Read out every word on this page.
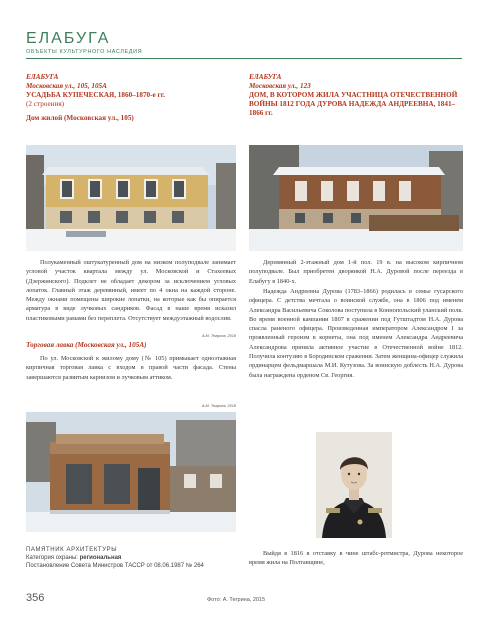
ЕЛАБУГА
ОБЪЕКТЫ КУЛЬТУРНОГО НАСЛЕДИЯ
ЕЛАБУГА
Московская ул., 105, 105А
УСАДЬБА КУПЕЧЕСКАЯ, 1860–1870-е гг.
(2 строения)
Дом жилой (Московская ул., 105)
Полукаменный оштукатуренный дом на низком полуподвале занимает угловой участок квартала между ул. Московской и Стахеевых (Дзержинского). Подклет не обладает декором за исключением угловых лопаток. Главный этаж деревянный, имеет по 4 окна на каждой стороне. Между окнами помещены широкие лопатки, на которые как бы опирается арматура в виде лучковых сандриков. Фасад в наше время исказил пластиковыми рамами без переплета. Отсутствует междуэтажный водослив.
А.М. Тегрина, 2018
Торговая лавка (Московская ул., 105А)
По ул. Московской к жилому дому (№ 105) примыкает одноэтажная кирпичная торговая лавка с входом в правой части фасада. Стены завершаются развитым карнизом и лучковым аттиком.
А.М. Тегрина, 2018
ЕЛАБУГА
Московская ул., 123
ДОМ, В КОТОРОМ ЖИЛА УЧАСТНИЦА ОТЕЧЕСТВЕННОЙ ВОЙНЫ 1812 ГОДА ДУРОВА НАДЕЖДА АНДРЕЕВНА, 1841–1866 гг.
Деревянный 2-этажный дом 1-й пол. 19 в. на высоком кирпичном полуподвале. Был приобретен дворянкой Н.А. Дуровой после переезда в Елабугу в 1840-х.
Надежда Андреевна Дурова (1783–1866) родилась в семье гусарского офицера. С детства мечтала о воинской службе, она в 1806 под именем Александра Васильевича Соколова поступила в Коннопольский уланский полк. Во время военной кампании 1807 в сражении под Гутштадтом Н.А. Дурова спасла раненого офицера. Произведенная императором Александром I за проявленный героизм в корнеты, она под именем Александра Андреевича Александрова приняла активное участие в Отечественной войне 1812. Получила контузию в Бородинском сражении. Затем женщина-офицер служила ординарцем фельдмаршала М.И. Кутузова. За воинскую доблесть Н.А. Дурова была награждена орденом Св. Георгия.
Выйдя в 1816 в отставку в чине штабс-ротмистра, Дурова некоторое время жила на Полтавщине,
ПАМЯТНИК АРХИТЕКТУРЫ
Категория охраны: региональная
Постановление Совета Министров ТАССР от 08.06.1987 № 264
356	Фото: А. Тегрина, 2015
